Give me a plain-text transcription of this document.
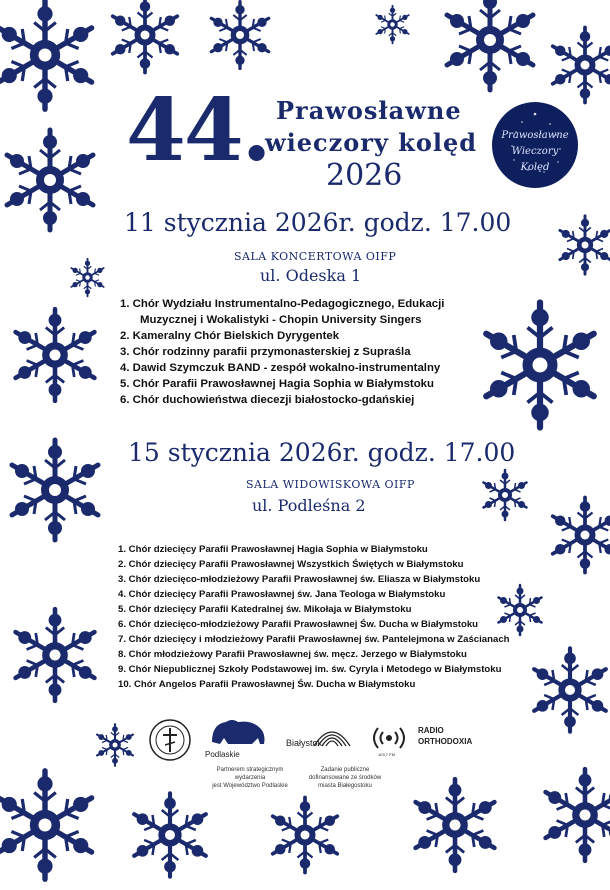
44. Prawosławne
wieczory kolęd
2026
Prawosławne
Wieczory
Kolęd
11 stycznia 2026r. godz. 17.00
SALA KONCERTOWA OIFP
ul. Odeska 1
1. Chór Wydziału Instrumentalno-Pedagogicznego, Edukacji
Muzycznej i Wokalistyki - Chopin University Singers
2. Kameralny Chór Bielskich Dyrygentek
3. Chór rodzinny parafii przymonasterskiej z Supraśla
4. Dawid Szymczuk BAND - zespół wokalno-instrumentalny
5. Chór Parafii Prawosławnej Hagia Sophia w Białymstoku
6. Chór duchowieństwa diecezji białostocko-gdańskiej
15 stycznia 2026r. godz. 17.00
SALA WIDOWISKOWA OIFP
ul. Podleśna 2
1. Chór dziecięcy Parafii Prawosławnej Hagia Sophia w Białymstoku
2. Chór dziecięcy Parafii Prawosławnej Wszystkich Świętych w Białymstoku
3. Chór dziecięco-młodzieżowy Parafii Prawosławnej św. Eliasza w Białymstoku
4. Chór dziecięcy Parafii Prawosławnej św. Jana Teologa w Białymstoku
5. Chór dziecięcy Parafii Katedralnej św. Mikołaja w Białymstoku
6. Chór dziecięco-młodzieżowy Parafii Prawosławnej Św. Ducha w Białymstoku
7. Chór dziecięcy i młodzieżowy Parafii Prawosławnej św. Pantelejmona w Zaścianach
8. Chór młodzieżowy Parafii Prawosławnej św. męcz. Jerzego w Białymstoku
9. Chór Niepublicznej Szkoły Podstawowej im. św. Cyryla i Metodego w Białymstoku
10. Chór Angelos Parafii Prawosławnej Św. Ducha w Białymstoku
Podlaskie
Partnerem strategicznym
wydarzenia
jest Województwo Podlaskie
Białystok
Zadanie publiczne
dofinansowane ze środków
miasta Białegostoku
103,7 FM
RADIO
ORTHODOXIA
